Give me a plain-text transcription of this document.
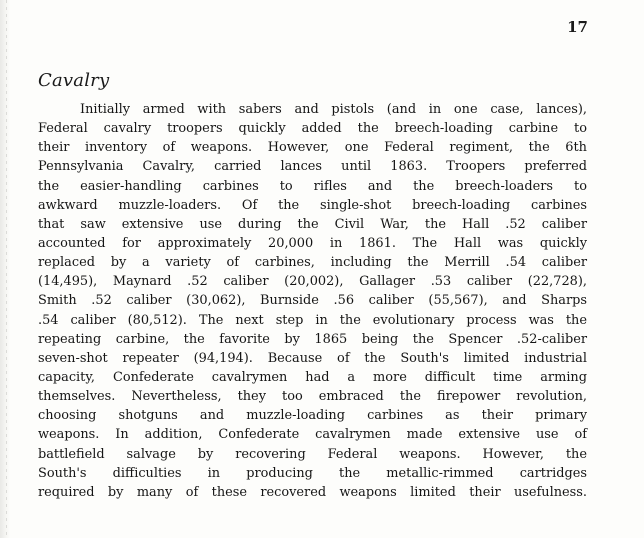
17
Cavalry
Initially armed with sabers and pistols (and in one case, lances),
Federal cavalry troopers quickly added the breech-loading carbine to
their inventory of weapons. However, one Federal regiment, the 6th
Pennsylvania Cavalry, carried lances until 1863. Troopers preferred
the easier-handling carbines to rifles and the breech-loaders to
awkward muzzle-loaders. Of the single-shot breech-loading carbines
that saw extensive use during the Civil War, the Hall .52 caliber
accounted for approximately 20,000 in 1861. The Hall was quickly
replaced by a variety of carbines, including the Merrill .54 caliber
(14,495), Maynard .52 caliber (20,002), Gallager .53 caliber (22,728),
Smith .52 caliber (30,062), Burnside .56 caliber (55,567), and Sharps
.54 caliber (80,512). The next step in the evolutionary process was the
repeating carbine, the favorite by 1865 being the Spencer .52-caliber
seven-shot repeater (94,194). Because of the South's limited industrial
capacity, Confederate cavalrymen had a more difficult time arming
themselves. Nevertheless, they too embraced the firepower revolution,
choosing shotguns and muzzle-loading carbines as their primary
weapons. In addition, Confederate cavalrymen made extensive use of
battlefield salvage by recovering Federal weapons. However, the
South's difficulties in producing the metallic-rimmed cartridges
required by many of these recovered weapons limited their usefulness.
